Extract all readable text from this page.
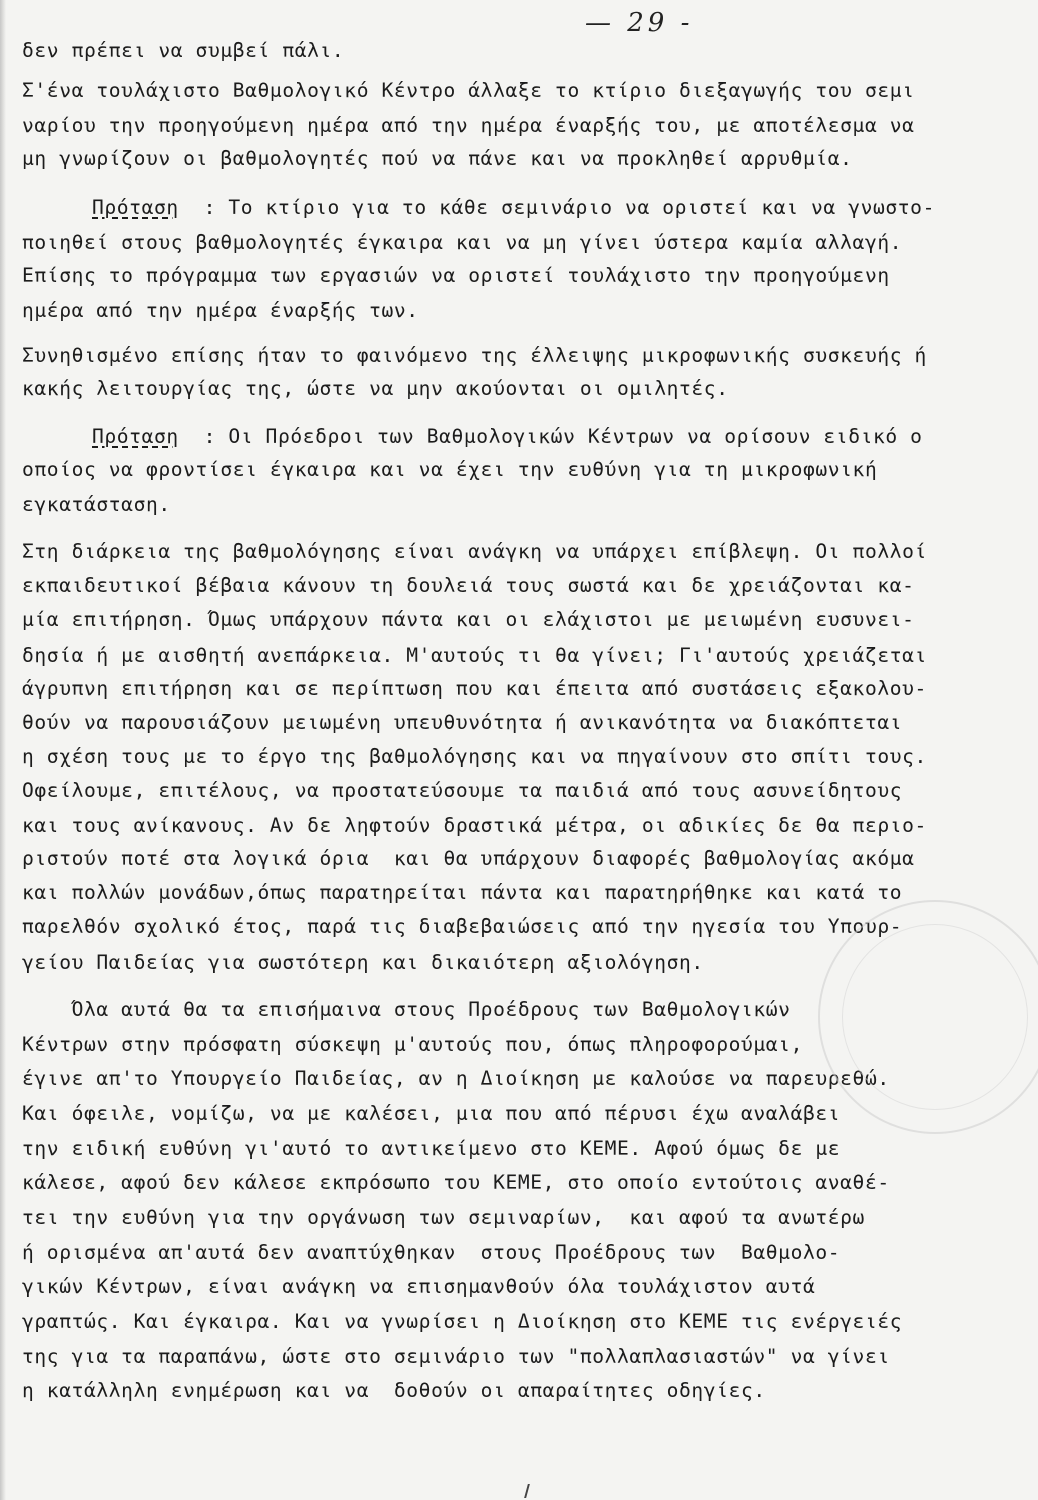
— 29 -
δεν πρέπει να συμβεί πάλι.
Σ'ένα τουλάχιστο Βαθμολογικό Κέντρο άλλαξε το κτίριο διεξαγωγής του σεμι
ναρίου την προηγούμενη ημέρα από την ημέρα έναρξής του, με αποτέλεσμα να
μη γνωρίζουν οι βαθμολογητές πού να πάνε και να προκληθεί αρρυθμία.
Πρόταση  : Το κτίριο για το κάθε σεμινάριο να οριστεί και να γνωστο-
ποιηθεί στους βαθμολογητές έγκαιρα και να μη γίνει ύστερα καμία αλλαγή.
Επίσης το πρόγραμμα των εργασιών να οριστεί τουλάχιστο την προηγούμενη
ημέρα από την ημέρα έναρξής των.
Συνηθισμένο επίσης ήταν το φαινόμενο της έλλειψης μικροφωνικής συσκευής ή
κακής λειτουργίας της, ώστε να μην ακούονται οι ομιλητές.
Πρόταση  : Οι Πρόεδροι των Βαθμολογικών Κέντρων να ορίσουν ειδικό ο
οποίος να φροντίσει έγκαιρα και να έχει την ευθύνη για τη μικροφωνική
εγκατάσταση.
Στη διάρκεια της βαθμολόγησης είναι ανάγκη να υπάρχει επίβλεψη. Οι πολλοί
εκπαιδευτικοί βέβαια κάνουν τη δουλειά τους σωστά και δε χρειάζονται κα-
μία επιτήρηση. Όμως υπάρχουν πάντα και οι ελάχιστοι με μειωμένη ευσυνει-
δησία ή με αισθητή ανεπάρκεια. Μ'αυτούς τι θα γίνει; Γι'αυτούς χρειάζεται
άγρυπνη επιτήρηση και σε περίπτωση που και έπειτα από συστάσεις εξακολου-
θούν να παρουσιάζουν μειωμένη υπευθυνότητα ή ανικανότητα να διακόπτεται
η σχέση τους με το έργο της βαθμολόγησης και να πηγαίνουν στο σπίτι τους.
Οφείλουμε, επιτέλους, να προστατεύσουμε τα παιδιά από τους ασυνείδητους
και τους ανίκανους. Αν δε ληφτούν δραστικά μέτρα, οι αδικίες δε θα περιο-
ριστούν ποτέ στα λογικά όρια  και θα υπάρχουν διαφορές βαθμολογίας ακόμα
και πολλών μονάδων,όπως παρατηρείται πάντα και παρατηρήθηκε και κατά το
παρελθόν σχολικό έτος, παρά τις διαβεβαιώσεις από την ηγεσία του Υπουρ-
γείου Παιδείας για σωστότερη και δικαιότερη αξιολόγηση.
Όλα αυτά θα τα επισήμαινα στους Προέδρους των Βαθμολογικών
Κέντρων στην πρόσφατη σύσκεψη μ'αυτούς που, όπως πληροφορούμαι,
έγινε απ'το Υπουργείο Παιδείας, αν η Διοίκηση με καλούσε να παρευρεθώ.
Και όφειλε, νομίζω, να με καλέσει, μια που από πέρυσι έχω αναλάβει
την ειδική ευθύνη γι'αυτό το αντικείμενο στο ΚΕΜΕ. Αφού όμως δε με
κάλεσε, αφού δεν κάλεσε εκπρόσωπο του ΚΕΜΕ, στο οποίο εντούτοις αναθέ-
τει την ευθύνη για την οργάνωση των σεμιναρίων,  και αφού τα ανωτέρω
ή ορισμένα απ'αυτά δεν αναπτύχθηκαν  στους Προέδρους των  Βαθμολο-
γικών Κέντρων, είναι ανάγκη να επισημανθούν όλα τουλάχιστον αυτά
γραπτώς. Και έγκαιρα. Και να γνωρίσει η Διοίκηση στο ΚΕΜΕ τις ενέργειές
της για τα παραπάνω, ώστε στο σεμινάριο των "πολλαπλασιαστών" να γίνει
η κατάλληλη ενημέρωση και να  δοθούν οι απαραίτητες οδηγίες.
